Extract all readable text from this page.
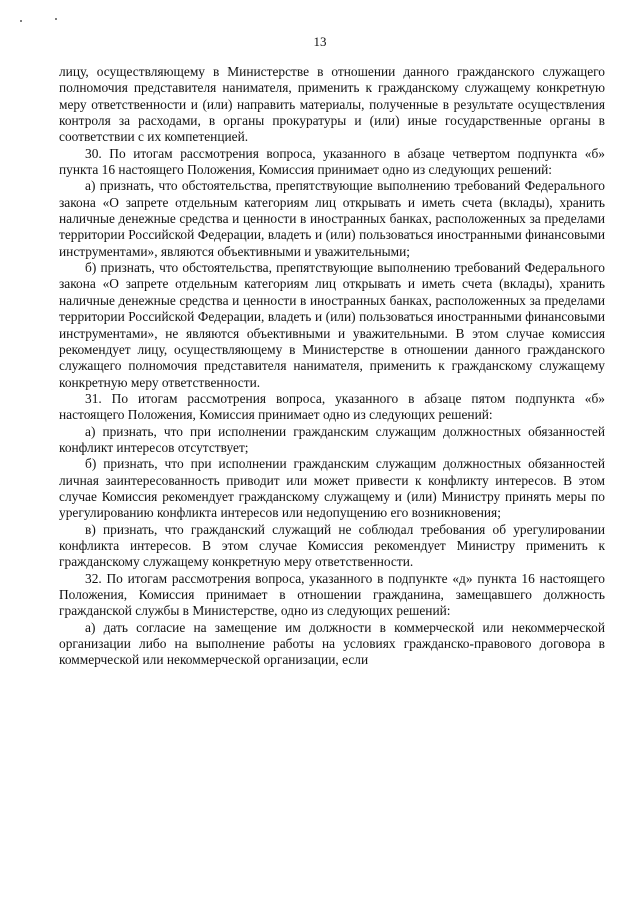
13

лицу, осуществляющему в Министерстве в отношении данного гражданского служащего полномочия представителя нанимателя, применить к гражданскому служащему конкретную меру ответственности и (или) направить материалы, полученные в результате осуществления контроля за расходами, в органы прокуратуры и (или) иные государственные органы в соответствии с их компетенцией.

30. По итогам рассмотрения вопроса, указанного в абзаце четвертом подпункта «б» пункта 16 настоящего Положения, Комиссия принимает одно из следующих решений:

а) признать, что обстоятельства, препятствующие выполнению требований Федерального закона «О запрете отдельным категориям лиц открывать и иметь счета (вклады), хранить наличные денежные средства и ценности в иностранных банках, расположенных за пределами территории Российской Федерации, владеть и (или) пользоваться иностранными финансовыми инструментами», являются объективными и уважительными;

б) признать, что обстоятельства, препятствующие выполнению требований Федерального закона «О запрете отдельным категориям лиц открывать и иметь счета (вклады), хранить наличные денежные средства и ценности в иностранных банках, расположенных за пределами территории Российской Федерации, владеть и (или) пользоваться иностранными финансовыми инструментами», не являются объективными и уважительными. В этом случае комиссия рекомендует лицу, осуществляющему в Министерстве в отношении данного гражданского служащего полномочия представителя нанимателя, применить к гражданскому служащему конкретную меру ответственности.

31. По итогам рассмотрения вопроса, указанного в абзаце пятом подпункта «б» настоящего Положения, Комиссия принимает одно из следующих решений:

а) признать, что при исполнении гражданским служащим должностных обязанностей конфликт интересов отсутствует;

б) признать, что при исполнении гражданским служащим должностных обязанностей личная заинтересованность приводит или может привести к конфликту интересов. В этом случае Комиссия рекомендует гражданскому служащему и (или) Министру принять меры по урегулированию конфликта интересов или недопущению его возникновения;

в) признать, что гражданский служащий не соблюдал требования об урегулировании конфликта интересов. В этом случае Комиссия рекомендует Министру применить к гражданскому служащему конкретную меру ответственности.

32. По итогам рассмотрения вопроса, указанного в подпункте «д» пункта 16 настоящего Положения, Комиссия принимает в отношении гражданина, замещавшего должность гражданской службы в Министерстве, одно из следующих решений:

а) дать согласие на замещение им должности в коммерческой или некоммерческой организации либо на выполнение работы на условиях гражданско-правового договора в коммерческой или некоммерческой организации, если
